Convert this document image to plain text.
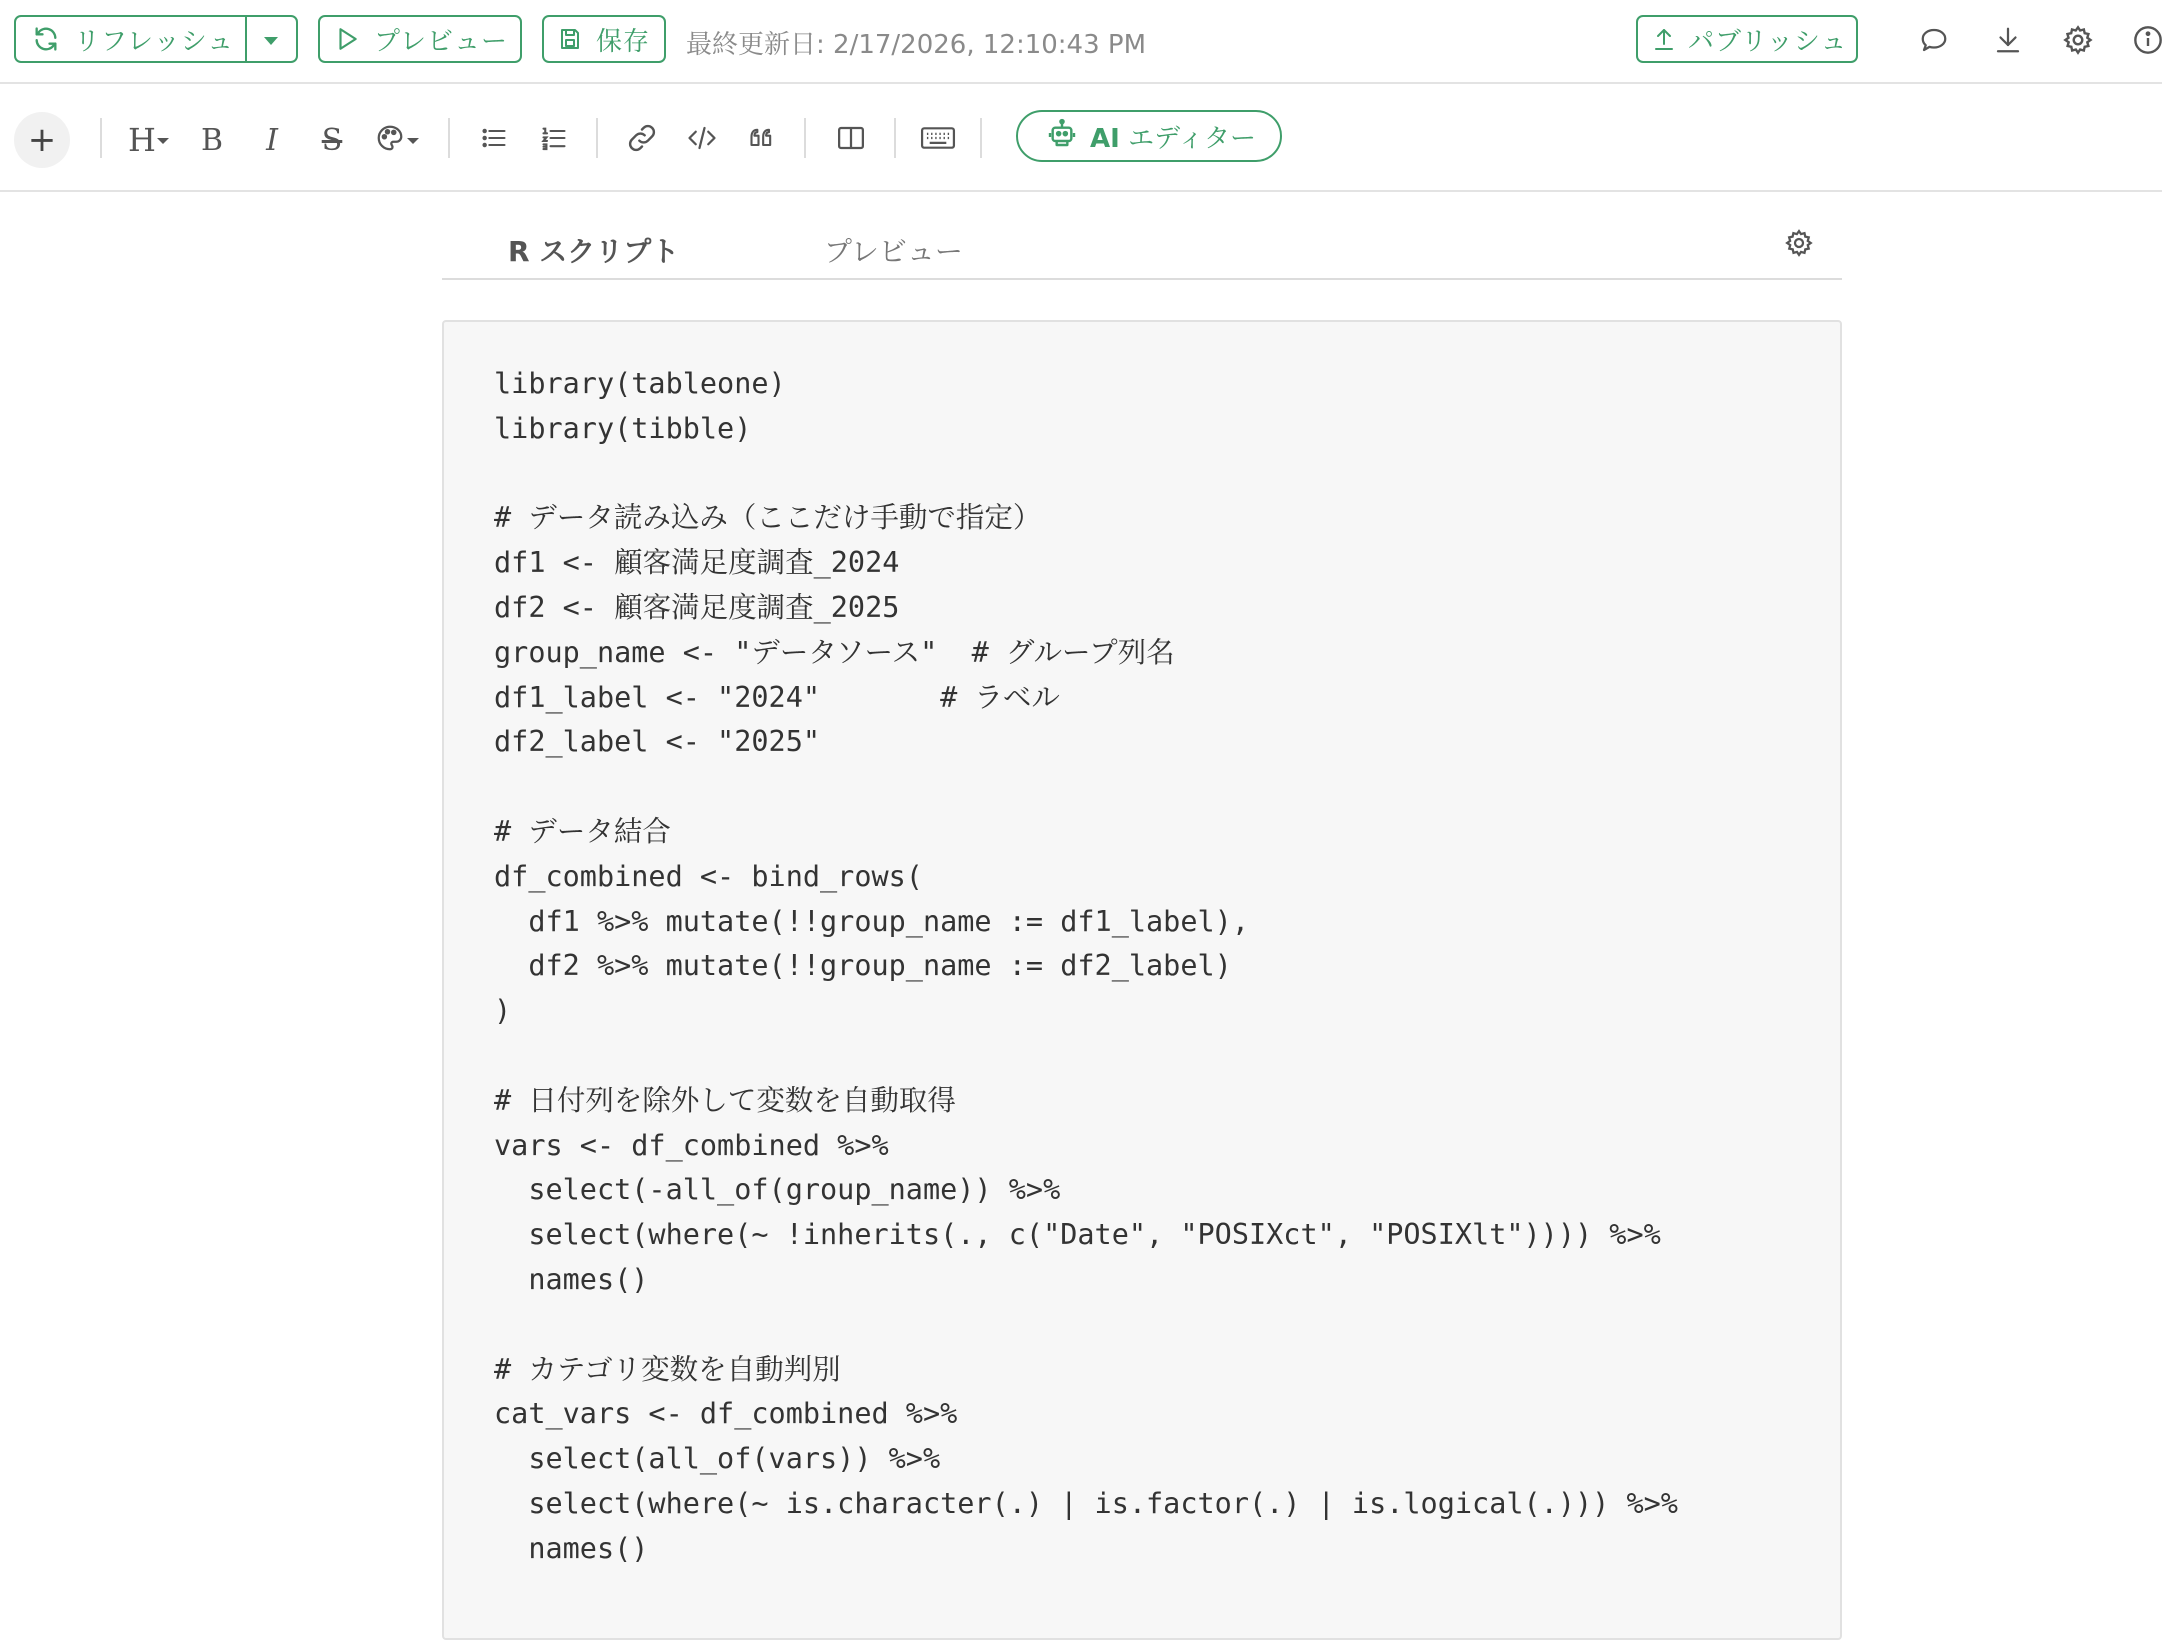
リフレッシュ	プレビュー	保存 最終更新日: 2/17/2026, 12:10:43 PM	パブリッシュ
+	H B I S	AI エディター
R スクリプト	プレビュー
library(tableone)
library(tibble)

# データ読み込み（ここだけ手動で指定）
df1 <- 顧客満足度調査_2024
df2 <- 顧客満足度調査_2025
group_name <- "データソース"  # グループ列名
df1_label <- "2024"       # ラベル
df2_label <- "2025"

# データ結合
df_combined <- bind_rows(
df1 %>% mutate(!!group_name := df1_label),
df2 %>% mutate(!!group_name := df2_label)
)

# 日付列を除外して変数を自動取得
vars <- df_combined %>%
select(-all_of(group_name)) %>%
select(where(~ !inherits(., c("Date", "POSIXct", "POSIXlt")))) %>%
names()

# カテゴリ変数を自動判別
cat_vars <- df_combined %>%
select(all_of(vars)) %>%
select(where(~ is.character(.) | is.factor(.) | is.logical(.))) %>%
names()
